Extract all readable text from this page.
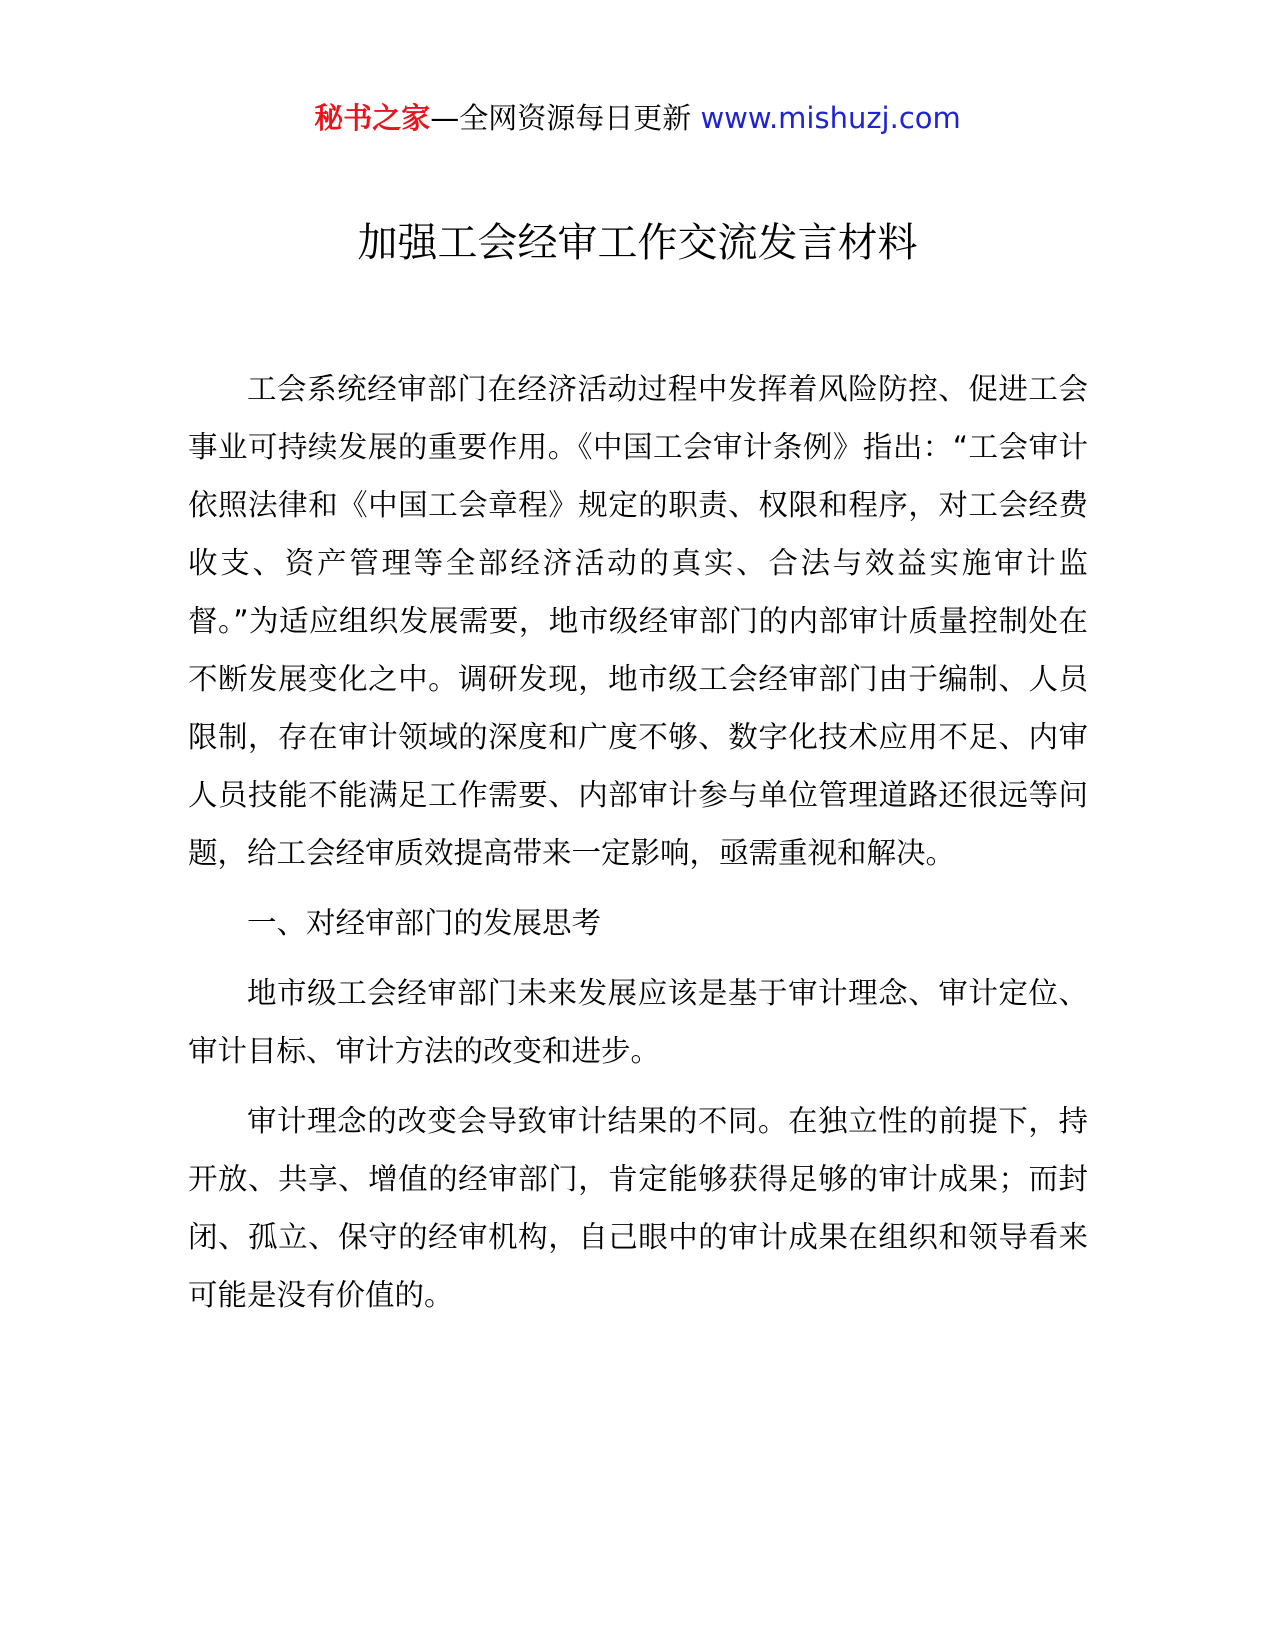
秘书之家—全网资源每日更新 www.mishuzj.com
加强工会经审工作交流发言材料

工会系统经审部门在经济活动过程中发挥着风险防控、促进工会事业可持续发展的重要作用。《中国工会审计条例》指出：“工会审计依照法律和《中国工会章程》规定的职责、权限和程序，对工会经费收支、资产管理等全部经济活动的真实、合法与效益实施审计监督。”为适应组织发展需要，地市级经审部门的内部审计质量控制处在不断发展变化之中。调研发现，地市级工会经审部门由于编制、人员限制，存在审计领域的深度和广度不够、数字化技术应用不足、内审人员技能不能满足工作需要、内部审计参与单位管理道路还很远等问题，给工会经审质效提高带来一定影响，亟需重视和解决。

一、对经审部门的发展思考

地市级工会经审部门未来发展应该是基于审计理念、审计定位、审计目标、审计方法的改变和进步。

审计理念的改变会导致审计结果的不同。在独立性的前提下，持开放、共享、增值的经审部门，肯定能够获得足够的审计成果；而封闭、孤立、保守的经审机构，自己眼中的审计成果在组织和领导看来可能是没有价值的。
